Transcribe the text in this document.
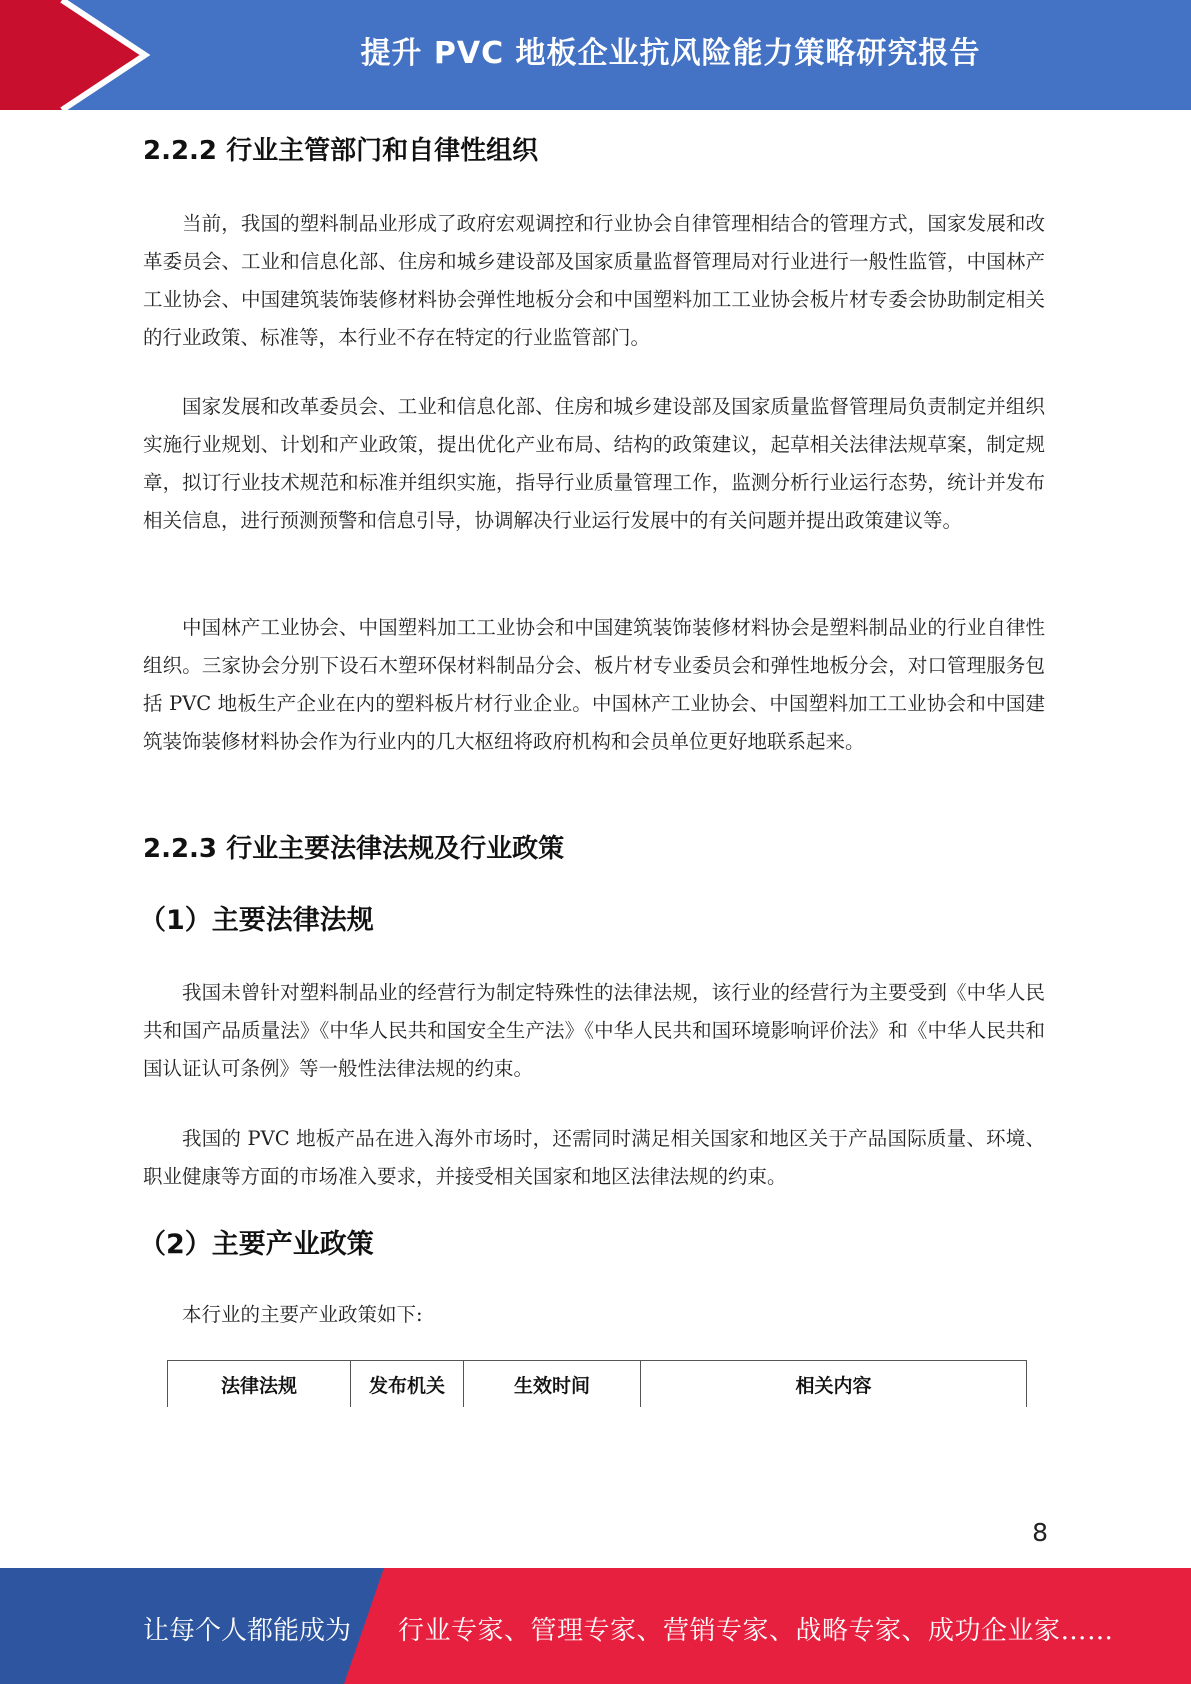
提升 PVC 地板企业抗风险能力策略研究报告
2.2.2 行业主管部门和自律性组织

当前，我国的塑料制品业形成了政府宏观调控和行业协会自律管理相结合的管理方式，国家发展和改革委员会、工业和信息化部、住房和城乡建设部及国家质量监督管理局对行业进行一般性监管，中国林产工业协会、中国建筑装饰装修材料协会弹性地板分会和中国塑料加工工业协会板片材专委会协助制定相关的行业政策、标准等，本行业不存在特定的行业监管部门。

国家发展和改革委员会、工业和信息化部、住房和城乡建设部及国家质量监督管理局负责制定并组织实施行业规划、计划和产业政策，提出优化产业布局、结构的政策建议，起草相关法律法规草案，制定规章，拟订行业技术规范和标准并组织实施，指导行业质量管理工作，监测分析行业运行态势，统计并发布相关信息，进行预测预警和信息引导，协调解决行业运行发展中的有关问题并提出政策建议等。

中国林产工业协会、中国塑料加工工业协会和中国建筑装饰装修材料协会是塑料制品业的行业自律性组织。三家协会分别下设石木塑环保材料制品分会、板片材专业委员会和弹性地板分会，对口管理服务包括 PVC 地板生产企业在内的塑料板片材行业企业。中国林产工业协会、中国塑料加工工业协会和中国建筑装饰装修材料协会作为行业内的几大枢纽将政府机构和会员单位更好地联系起来。

2.2.3 行业主要法律法规及行业政策
（1）主要法律法规

我国未曾针对塑料制品业的经营行为制定特殊性的法律法规，该行业的经营行为主要受到《中华人民共和国产品质量法》《中华人民共和国安全生产法》《中华人民共和国环境影响评价法》和《中华人民共和国认证认可条例》等一般性法律法规的约束。

我国的 PVC 地板产品在进入海外市场时，还需同时满足相关国家和地区关于产品国际质量、环境、职业健康等方面的市场准入要求，并接受相关国家和地区法律法规的约束。

（2）主要产业政策

本行业的主要产业政策如下:

法律法规	发布机关	生效时间	相关内容
8
让每个人都能成为 行业专家、管理专家、营销专家、战略专家、成功企业家……
